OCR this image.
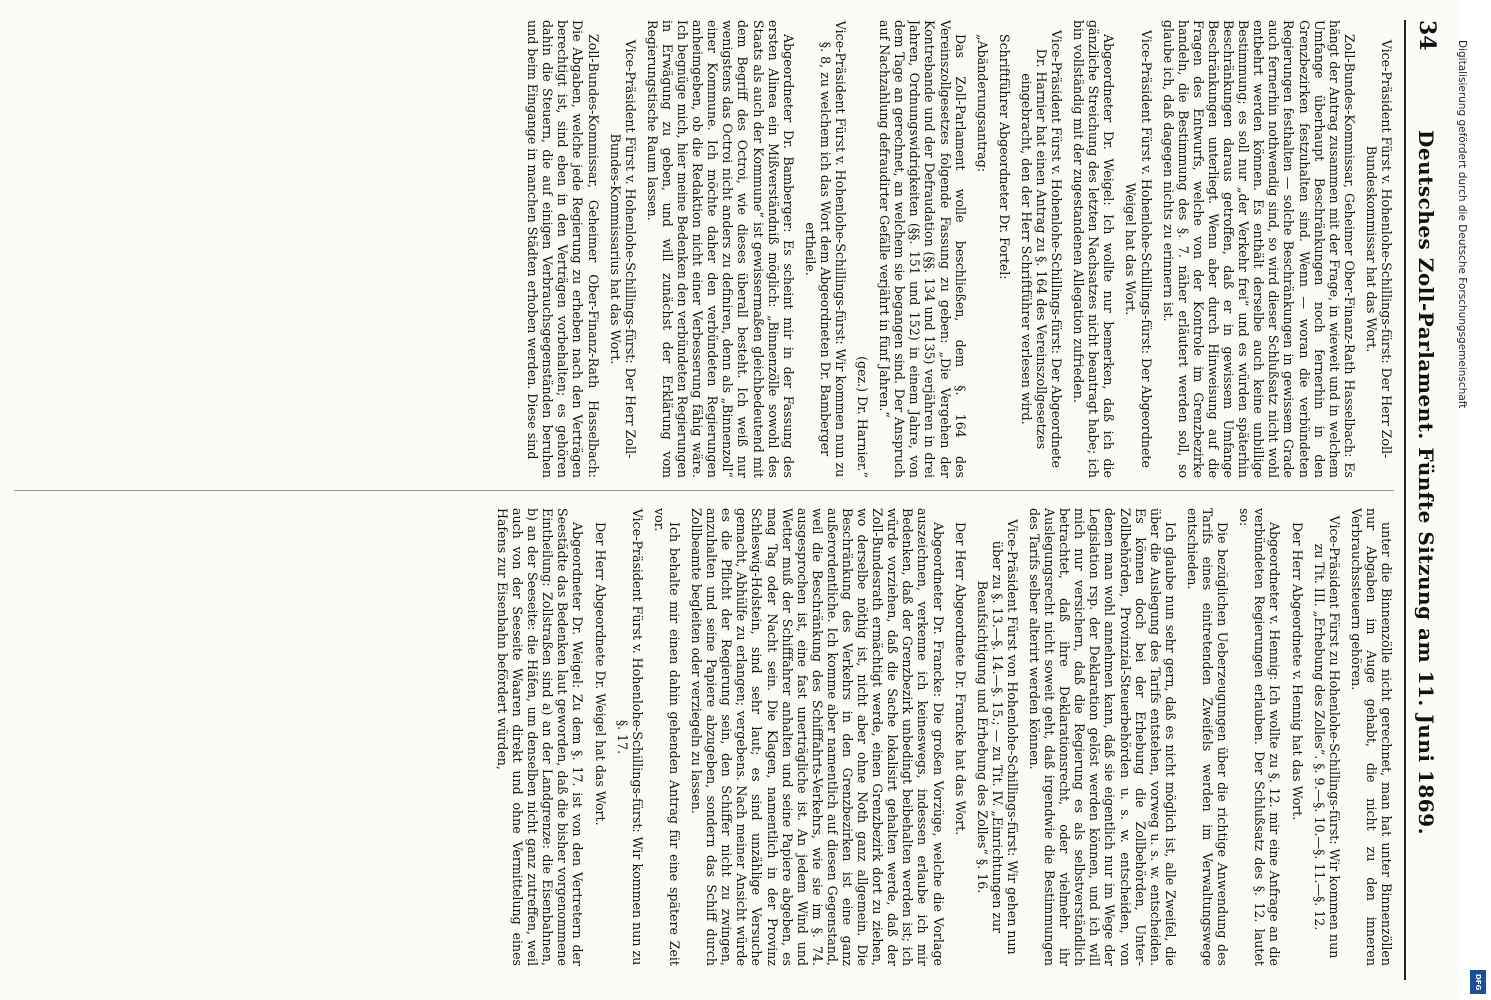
34
Deutsches Zoll-Parlament. Fünfte Sitzung am 11. Juni 1869.

Vice-Präsident Fürst v. Hohenlohe-Schillings-fürst: Der Herr Zoll-Bundeskommissar hat das Wort.

Zoll-Bundes-Kommissar, Geheimer Ober-Finanz-Rath Hasselbach: Es hängt der Antrag zusammen mit der Frage, in wieweit und in welchem Umfange überhaupt Beschränkungen noch fernerhin in den Grenzbezirken festzuhalten sind. Wenn — woran die verbündeten Regierungen festhalten — solche Beschränkungen in gewissem Grade auch fernerhin nothwendig sind, so wird dieser Schlußsatz nicht wohl entbehrt werden können. Es enthält derselbe auch keine unbillige Bestimmung; es soll nur „der Verkehr frei“ und es würden späterhin Beschränkungen daraus getroffen, daß er in gewissem Umfange Beschränkungen unterliegt. Wenn aber durch Hinweisung auf die Fragen des Entwurfs, welche von der Kontrole im Grenzbezirke handeln, die Bestimmung des §. 7. näher erläutert werden soll, so glaube ich, daß dagegen nichts zu erinnern ist.

Vice-Präsident Fürst v. Hohenlohe-Schillings-fürst: Der Abgeordnete Weigel hat das Wort.

Abgeordneter Dr. Weigel: Ich wollte nur bemerken, daß ich die gänzliche Streichung des letzten Nachsatzes nicht beantragt habe; ich bin vollständig mit der zugestandenen Allegation zufrieden.

Vice-Präsident Fürst v. Hohenlohe-Schillings-fürst: Der Abgeordnete Dr. Harnier hat einen Antrag zu §. 164 des Vereinszollgesetzes eingebracht, den der Herr Schriftführer verlesen wird.

Schriftführer Abgeordneter Dr. Fortel:

„Abänderungsantrag:

Das Zoll-Parlament wolle beschließen, dem §. 164 des Vereinszollgesetzes folgende Fassung zu geben: „Die Vergehen der Kontrebande und der Defraudation (§§. 134 und 135) verjähren in drei Jahren, Ordnungswidrigkeiten (§§. 151 und 152) in einem Jahre, von dem Tage an gerechnet, an welchem sie begangen sind. Der Anspruch auf Nachzahlung defraudirter Gefälle verjährt in fünf Jahren.“

(gez.) Dr. Harnier.“

Vice-Präsident Fürst v. Hohenlohe-Schillings-fürst: Wir kommen nun zu §. 8, zu welchem ich das Wort dem Abgeordneten Dr. Bamberger ertheile.

Abgeordneter Dr. Bamberger: Es scheint mir in der Fassung des ersten Alinea ein Mißverständniß möglich: „Binnenzölle sowohl des Staats als auch der Kommune“ ist gewissermaßen gleichbedeutend mit dem Begriff des Octroi, wie dieses überall besteht. Ich weiß nur wenigstens das Octroi nicht anders zu definiren, denn als „Binnenzoll“ einer Kommune. Ich möchte daher den verbündeten Regierungen anheimgeben, ob die Redaktion nicht einer Verbesserung fähig wäre. Ich begnüge mich, hier meine Bedenken den verbündeten Regierungen in Erwägung zu geben, und will zunächst der Erklärung vom Regierungstische Raum lassen.

Vice-Präsident Fürst v. Hohenlohe-Schillings-fürst: Der Herr Zoll-Bundes-Kommissarius hat das Wort.

Zoll-Bundes-Kommissar, Geheimer Ober-Finanz-Rath Hasselbach: Die Abgaben, welche jede Regierung zu erheben nach den Verträgen berechtigt ist, sind eben in den Verträgen vorbehalten; es gehören dahin die Steuern, die auf einigen Verbrauchsgegenständen beruhen und beim Eingange in manchen Städten erhoben werden. Diese sind

unter die Binnenzölle nicht gerechnet, man hat unter Binnenzöllen nur Abgaben im Auge gehabt, die nicht zu den inneren Verbrauchssteuern gehören.

Vice-Präsident Fürst zu Hohenlohe-Schillings-fürst: Wir kommen nun zu Tit. III. „Erhebung des Zolles“. §. 9.—§. 10.—§. 11.—§. 12.

Der Herr Abgeordnete v. Hennig hat das Wort.

Abgeordneter v. Hennig: Ich wollte zu §. 12. mir eine Anfrage an die verbündeten Regierungen erlauben. Der Schlußsatz des §. 12. lautet so:

Die bezüglichen Ueberzeugungen über die richtige Anwendung des Tarifs eines eintretenden Zweifels werden im Verwaltungswege entschieden.

Ich glaube nun sehr gern, daß es nicht möglich ist, alle Zweifel, die über die Auslegung des Tarifs entstehen, vorweg u. s. w. entscheiden. Es können doch bei der Erhebung die Zollbehörden, Unter-Zollbehörden, Provinzial-Steuerbehörden u. s. w. entscheiden, von denen man wohl annehmen kann, daß sie eigentlich nur im Wege der Legislation rsp. der Deklaration gelöst werden können, und ich will mich nur versichern, daß die Regierung es als selbstverständlich betrachtet, daß ihre Deklarationsrecht, oder vielmehr ihr Auslegungsrecht nicht soweit geht, daß irgendwie die Bestimmungen des Tarifs selber alterirt werden können.

Vice-Präsident Fürst von Hohenlohe-Schillings-fürst: Wir gehen nun über zu §. 13.—§. 14.—§. 15.; — zu Tit. IV. „Einrichtungen zur Beaufsichtigung und Erhebung des Zolles“ §. 16.

Der Herr Abgeordnete Dr. Francke hat das Wort.

Abgeordneter Dr. Francke: Die großen Vorzüge, welche die Vorlage auszeichnen, verkenne ich keineswegs, indessen erlaube ich mir Bedenken, daß der Grenzbezirk unbedingt beibehalten werden ist; ich würde vorziehen, daß die Sache lokalisirt gehalten werde, daß der Zoll-Bundesrath ermächtigt werde, einen Grenzbezirk dort zu ziehen, wo derselbe nöthig ist, nicht aber ohne Noth ganz allgemein. Die Beschränkung des Verkehrs in den Grenzbezirken ist eine ganz außerordentliche. Ich komme aber namentlich auf diesen Gegenstand, weil die Beschränkung des Schifffahrts-Verkehrs, wie sie im §. 74. ausgesprochen ist, eine fast unerträgliche ist. An jedem Wind und Wetter muß der Schifffahrer anhalten und seine Papiere abgeben, es mag Tag oder Nacht sein. Die Klagen, namentlich in der Provinz Schleswig-Holstein, sind sehr laut; es sind unzählige Versuche gemacht, Abhülfe zu erlangen; vergebens. Nach meiner Ansicht würde es die Pflicht der Regierung sein, den Schiffer nicht zu zwingen, anzuhalten und seine Papiere abzugeben, sondern das Schiff durch Zollbeamte begleiten oder verziegeln zu lassen.

Ich behalte mir einen dahin gehenden Antrag für eine spätere Zeit vor.

Vice-Präsident Fürst v. Hohenlohe-Schillings-fürst: Wir kommen nun zu §. 17.

Der Herr Abgeordnete Dr. Weigel hat das Wort.

Abgeordneter Dr. Weigel: Zu dem §. 17. ist von den Vertretern der Seestädte das Bedenken laut geworden, daß die bisher vorgenommene Eintheilung: Zollstraßen sind a) an der Landgrenze: die Eisenbahnen, b) an der Seeseite: die Häfen, um denselben nicht ganz zutreffen, weil auch von der Seeseite Waaren direkt und ohne Vermittelung eines Hafens zur Eisenbahn befördert würden,

Digitalisierung gefördert durch die Deutsche Forschungsgemeinschaft
DFG
